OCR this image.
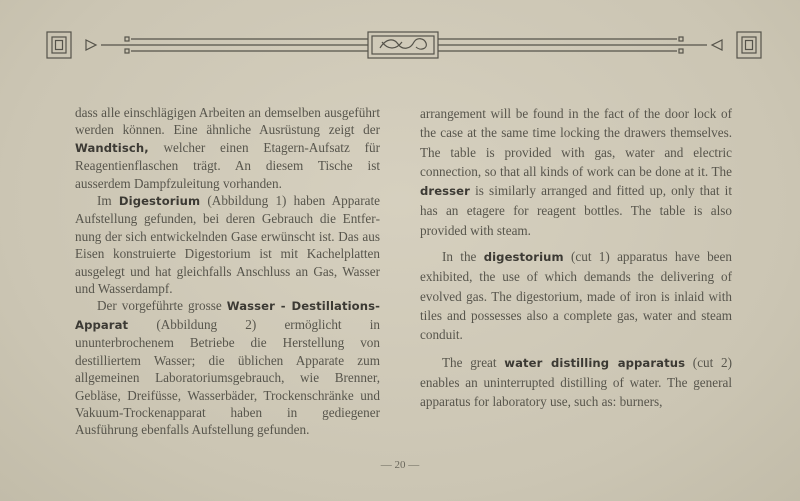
dass alle einschlägigen Arbeiten an demselben ausgeführt werden können. Eine ähnliche Ausrüstung zeigt der Wandtisch, welcher einen Etagern-Aufsatz für Reagentienflaschen trägt. An diesem Tische ist ausserdem Dampfzuleitung vorhanden.

Im Digestorium (Abbildung 1) haben Apparate Aufstellung gefunden, bei deren Gebrauch die Entfernung der sich entwickelnden Gase erwünscht ist. Das aus Eisen konstruierte Digestorium ist mit Kachelplatten ausgelegt und hat gleichfalls Anschluss an Gas, Wasser und Wasserdampf.

Der vorgeführte grosse Wasser - Destillations-Apparat (Abbildung 2) ermöglicht in ununterbrochenem Betriebe die Herstellung von destilliertem Wasser; die üblichen Apparate zum allgemeinen Laboratoriumsgebrauch, wie Brenner, Gebläse, Dreifüsse, Wasserbäder, Trockenschränke und Vakuum-Trockenapparat haben in gediegener Ausführung ebenfalls Aufstellung gefunden.

arrangement will be found in the fact of the door lock of the case at the same time locking the drawers themselves. The table is provided with gas, water and electric connection, so that all kinds of work can be done at it. The dresser is similarly arranged and fitted up, only that it has an etagere for reagent bottles. The table is also provided with steam.

In the digestorium (cut 1) apparatus have been exhibited, the use of which demands the delivering of evolved gas. The digestorium, made of iron is inlaid with tiles and possesses also a complete gas, water and steam conduit.

The great water distilling apparatus (cut 2) enables an uninterrupted distilling of water. The general apparatus for laboratory use, such as: burners,

— 20 —
